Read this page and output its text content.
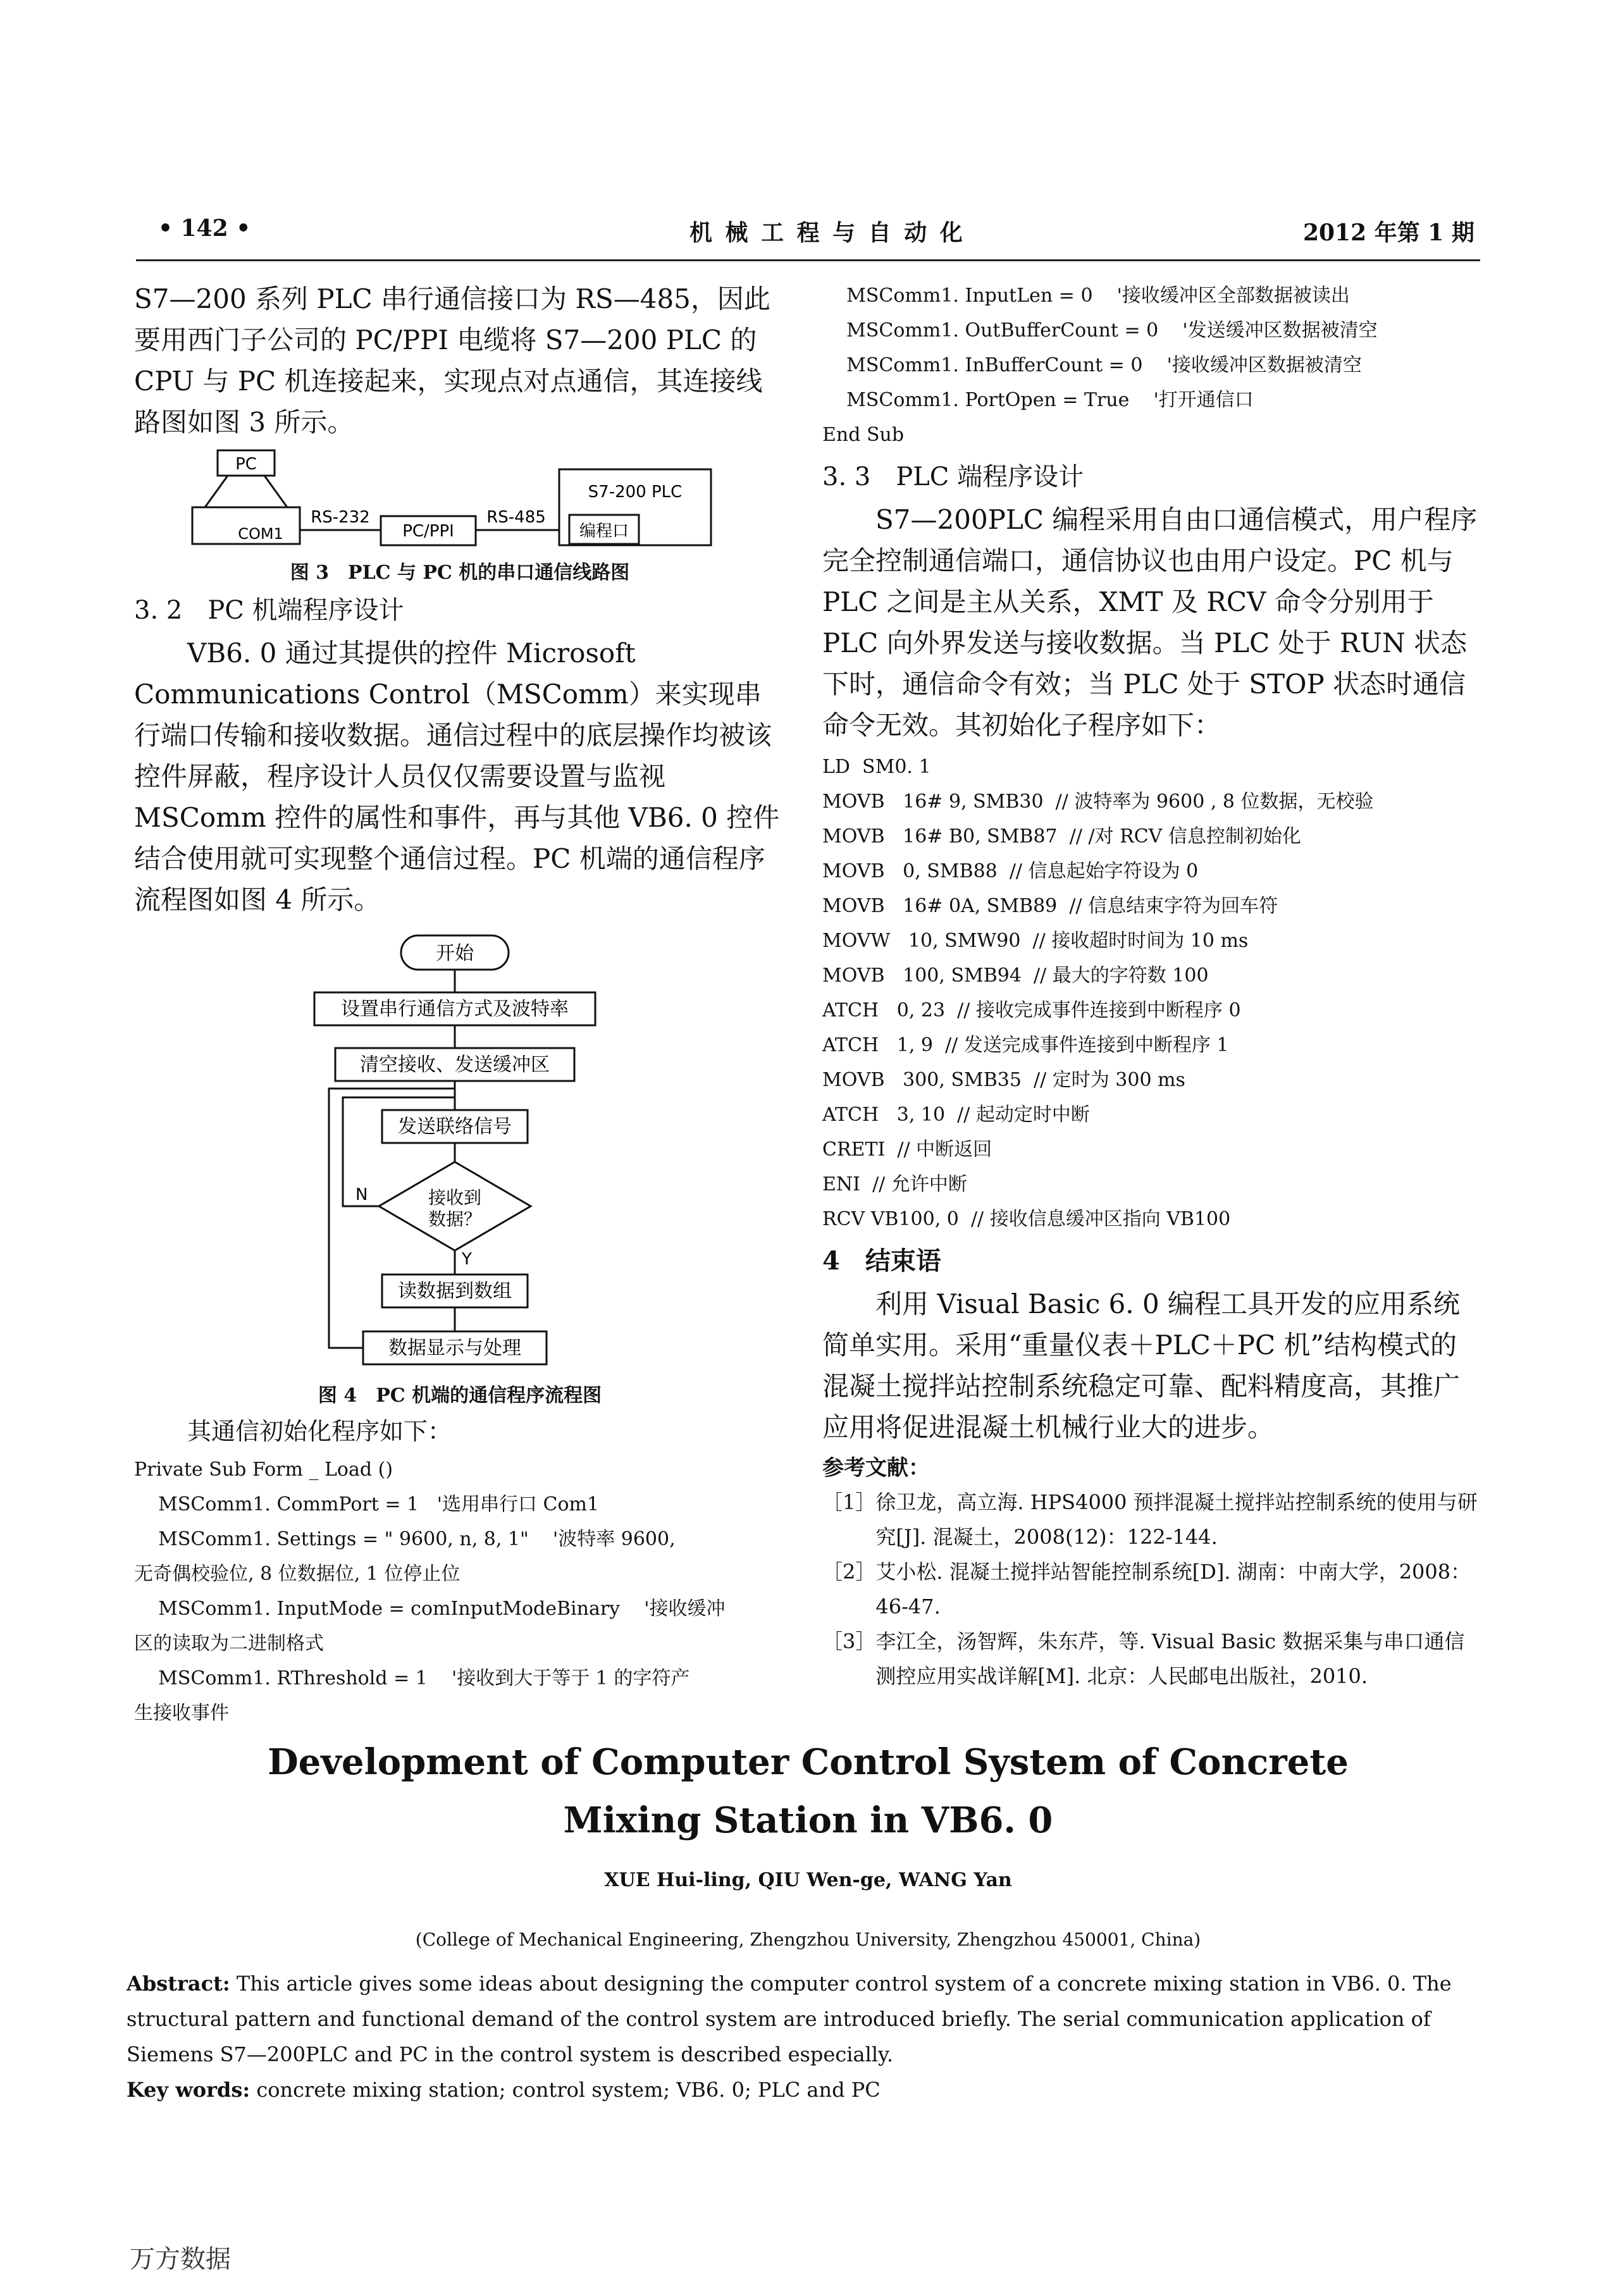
• 142 •	机 械 工 程 与 自 动 化	2012 年第 1 期

S7—200 系列 PLC 串行通信接口为 RS—485，因此要用西门子公司的 PC/PPI 电缆将 S7—200 PLC 的 CPU 与 PC 机连接起来，实现点对点通信，其连接线路图如图 3 所示。

PC
COM1
RS-232
PC/PPI
RS-485
S7-200 PLC
编程口
图 3　PLC 与 PC 机的串口通信线路图
3. 2　PC 机端程序设计

VB6. 0 通过其提供的控件 Microsoft Communications Control（MSComm）来实现串行端口传输和接收数据。通信过程中的底层操作均被该控件屏蔽，程序设计人员仅仅需要设置与监视 MSComm 控件的属性和事件，再与其他 VB6. 0 控件结合使用就可实现整个通信过程。PC 机端的通信程序流程图如图 4 所示。

开始
设置串行通信方式及波特率
清空接收、发送缓冲区
发送联络信号
接收到
数据？
N
Y
读数据到数组
数据显示与处理
图 4　PC 机端的通信程序流程图

其通信初始化程序如下：

Private Sub Form _ Load ()
MSComm1. CommPort = 1   '选用串行口 Com1
MSComm1. Settings = " 9600, n, 8, 1"    '波特率 9600,
无奇偶校验位, 8 位数据位, 1 位停止位
MSComm1. InputMode = comInputModeBinary    '接收缓冲
区的读取为二进制格式
MSComm1. RThreshold = 1    '接收到大于等于 1 的字符产
生接收事件
MSComm1. InputLen = 0    '接收缓冲区全部数据被读出
MSComm1. OutBufferCount = 0    '发送缓冲区数据被清空
MSComm1. InBufferCount = 0    '接收缓冲区数据被清空
MSComm1. PortOpen = True    '打开通信口
End Sub
3. 3　PLC 端程序设计

S7—200PLC 编程采用自由口通信模式，用户程序完全控制通信端口，通信协议也由用户设定。PC 机与 PLC 之间是主从关系，XMT 及 RCV 命令分别用于 PLC 向外界发送与接收数据。当 PLC 处于 RUN 状态下时，通信命令有效；当 PLC 处于 STOP 状态时通信命令无效。其初始化子程序如下：

LD  SM0. 1
MOVB   16# 9, SMB30  // 波特率为 9600 , 8 位数据，无校验
MOVB   16# B0, SMB87  // /对 RCV 信息控制初始化
MOVB   0, SMB88  // 信息起始字符设为 0
MOVB   16# 0A, SMB89  // 信息结束字符为回车符
MOVW   10, SMW90  // 接收超时时间为 10 ms
MOVB   100, SMB94  // 最大的字符数 100
ATCH   0, 23  // 接收完成事件连接到中断程序 0
ATCH   1, 9  // 发送完成事件连接到中断程序 1
MOVB   300, SMB35  // 定时为 300 ms
ATCH   3, 10  // 起动定时中断
CRETI  // 中断返回
ENI  // 允许中断
RCV VB100, 0  // 接收信息缓冲区指向 VB100
4　结束语

利用 Visual Basic 6. 0 编程工具开发的应用系统简单实用。采用“重量仪表＋PLC＋PC 机”结构模式的混凝土搅拌站控制系统稳定可靠、配料精度高，其推广应用将促进混凝土机械行业大的进步。

参考文献：
［1］ 徐卫龙，高立海. HPS4000 预拌混凝土搅拌站控制系统的使用与研究[J]. 混凝土，2008(12)：122-144.
［2］ 艾小松. 混凝土搅拌站智能控制系统[D]. 湖南：中南大学，2008：46-47.
［3］ 李江全，汤智辉，朱东芹，等. Visual Basic 数据采集与串口通信测控应用实战详解[M]. 北京：人民邮电出版社，2010.
Development of Computer Control System of Concrete
Mixing Station in VB6. 0
XUE Hui-ling, QIU Wen-ge, WANG Yan
(College of Mechanical Engineering, Zhengzhou University, Zhengzhou 450001, China)
Abstract: This article gives some ideas about designing the computer control system of a concrete mixing station in VB6. 0. The structural pattern and functional demand of the control system are introduced briefly. The serial communication application of Siemens S7—200PLC and PC in the control system is described especially.
Key words: concrete mixing station; control system; VB6. 0; PLC and PC
万方数据
